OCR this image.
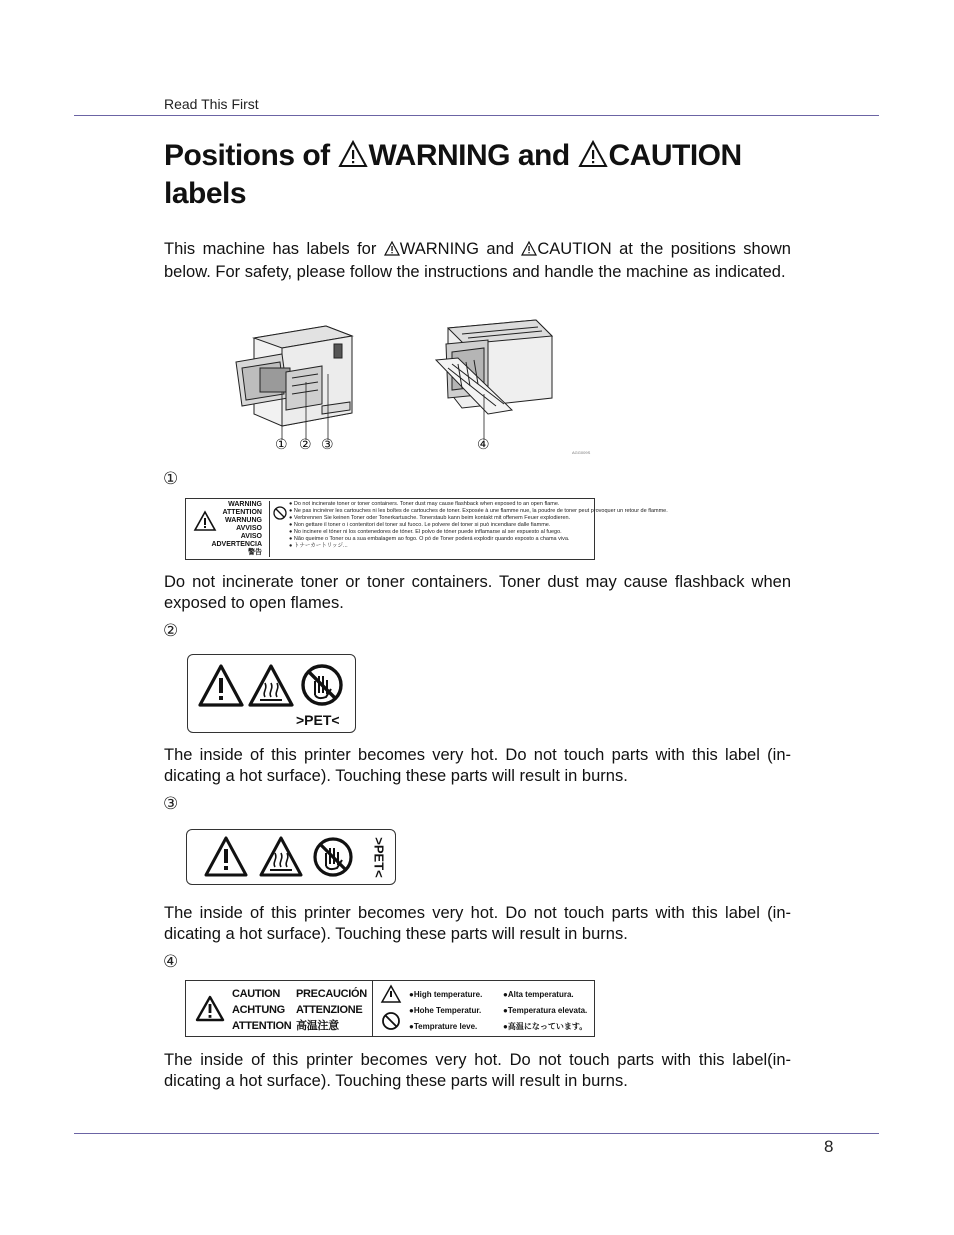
Read This First
Positions of WARNING and CAUTION
labels
This machine has labels for WARNING and CAUTION at the positions shown below. For safety, please follow the instructions and handle the machine as indicated.
AGG009S
① ② ③	④
①
WARNING
ATTENTION
WARNUNG
AVVISO
AVISO
ADVERTENCIA
警告
● Do not incinerate toner or toner containers. Toner dust may cause flashback when exposed to an open flame.
● Ne pas incinérer les cartouches ni les boîtes de cartouches de toner. Exposée à une flamme nue, la poudre de toner peut provoquer un retour de flamme.
● Verbrennen Sie keinen Toner oder Tonerkartusche. Tonerstaub kann beim kontakt mit offenem Feuer explodieren.
● Non gettare il toner o i contenitori del toner sul fuoco. Le polvere del toner si può incendiare dalle fiamme.
● No incinere el tóner ni los contenedores de tóner. El polvo de tóner puede inflamarse al ser expuesto al fuego.
● Não queime o Toner ou a sua embalagem ao fogo. O pó de Toner poderá explodir quando exposto a chama viva.
● トナーカートリッジ...
Do not incinerate toner or toner containers. Toner dust may cause flashback when exposed to open flames.
②
>PET<
The inside of this printer becomes very hot. Do not touch parts with this label (in- dicating a hot surface). Touching these parts will result in burns.
③
>PET<
The inside of this printer becomes very hot. Do not touch parts with this label (in- dicating a hot surface). Touching these parts will result in burns.
④
CAUTION PRECAUCIÓN
ACHTUNG ATTENZIONE
ATTENTION 高温注意
●High temperature.
●Hohe Temperatur.
●Temprature leve.
●Alta temperatura.
●Temperatura elevata.
●高温になっています。
The inside of this printer becomes very hot. Do not touch parts with this label(in- dicating a hot surface). Touching these parts will result in burns.
8
